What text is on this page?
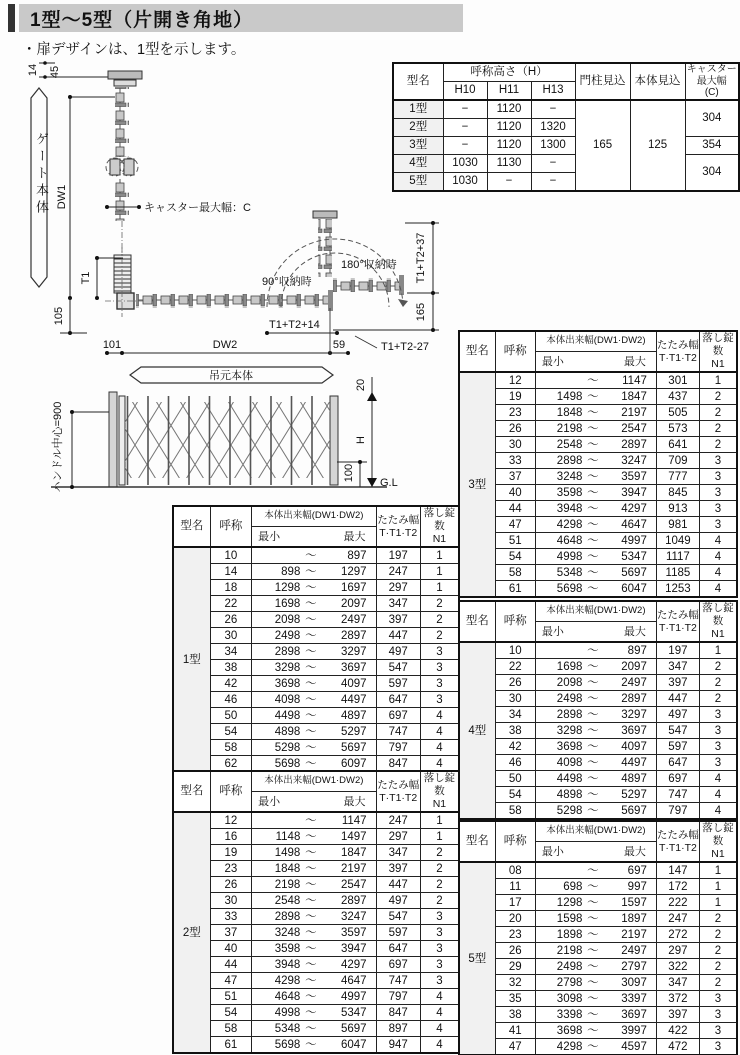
1型〜5型（片開き角地）
・扉デザインは、1型を示します。
14 45
DW1	キャスター最大幅：C
T1
105
101	DW2	59
T1+T2+14
90°収納時
180°収納時 T1+T2+37
165
T1+T2-27
吊元本体
ハンドル中心=900
20
H
100
G.L
ゲート本体
型名	呼称高さ（H）			門柱見込	本体見込	キャスター
最大幅
(C)

	H10	H11	H13			
1型	−	1120	−	165	125	304
2型	−	1120	1320			
3型	−	1120	1300			354
4型	1030	1130	−			304
5型	1030	−	−			
型名	呼称	本体出来幅(DW1·DW2)	たたみ幅
T·T1·T2	落し錠数
N1

		最小 最大		

1型	10	〜 897	197	1
	14	898 〜 1297	247	1
	18	1298 〜 1697	297	1
	22	1698 〜 2097	347	2
	26	2098 〜 2497	397	2
	30	2498 〜 2897	447	2
	34	2898 〜 3297	497	3
	38	3298 〜 3697	547	3
	42	3698 〜 4097	597	3
	46	4098 〜 4497	647	3
	50	4498 〜 4897	697	4
	54	4898 〜 5297	747	4
	58	5298 〜 5697	797	4
	62	5698 〜 6097	847	4
型名	呼称	本体出来幅(DW1·DW2)	たたみ幅
T·T1·T2	落し錠数
N1

		最小 最大		

2型	12	〜 1147	247	1
	16	1148 〜 1497	297	1
	19	1498 〜 1847	347	2
	23	1848 〜 2197	397	2
	26	2198 〜 2547	447	2
	30	2548 〜 2897	497	2
	33	2898 〜 3247	547	3
	37	3248 〜 3597	597	3
	40	3598 〜 3947	647	3
	44	3948 〜 4297	697	3
	47	4298 〜 4647	747	3
	51	4648 〜 4997	797	4
	54	4998 〜 5347	847	4
	58	5348 〜 5697	897	4
	61	5698 〜 6047	947	4
型名	呼称	本体出来幅(DW1·DW2)	たたみ幅
T·T1·T2	落し錠数
N1

		最小 最大		

3型	12	〜 1147	301	1
	19	1498 〜 1847	437	2
	23	1848 〜 2197	505	2
	26	2198 〜 2547	573	2
	30	2548 〜 2897	641	2
	33	2898 〜 3247	709	3
	37	3248 〜 3597	777	3
	40	3598 〜 3947	845	3
	44	3948 〜 4297	913	3
	47	4298 〜 4647	981	3
	51	4648 〜 4997	1049	4
	54	4998 〜 5347	1117	4
	58	5348 〜 5697	1185	4
	61	5698 〜 6047	1253	4
型名	呼称	本体出来幅(DW1·DW2)	たたみ幅
T·T1·T2	落し錠数
N1

		最小 最大		

4型	10	〜 897	197	1
	22	1698 〜 2097	347	2
	26	2098 〜 2497	397	2
	30	2498 〜 2897	447	2
	34	2898 〜 3297	497	3
	38	3298 〜 3697	547	3
	42	3698 〜 4097	597	3
	46	4098 〜 4497	647	3
	50	4498 〜 4897	697	4
	54	4898 〜 5297	747	4
	58	5298 〜 5697	797	4
型名	呼称	本体出来幅(DW1·DW2)	たたみ幅
T·T1·T2	落し錠数
N1

		最小 最大		

5型	08	〜 697	147	1
	11	698 〜 997	172	1
	17	1298 〜 1597	222	1
	20	1598 〜 1897	247	2
	23	1898 〜 2197	272	2
	26	2198 〜 2497	297	2
	29	2498 〜 2797	322	2
	32	2798 〜 3097	347	2
	35	3098 〜 3397	372	3
	38	3398 〜 3697	397	3
	41	3698 〜 3997	422	3
	47	4298 〜 4597	472	3
